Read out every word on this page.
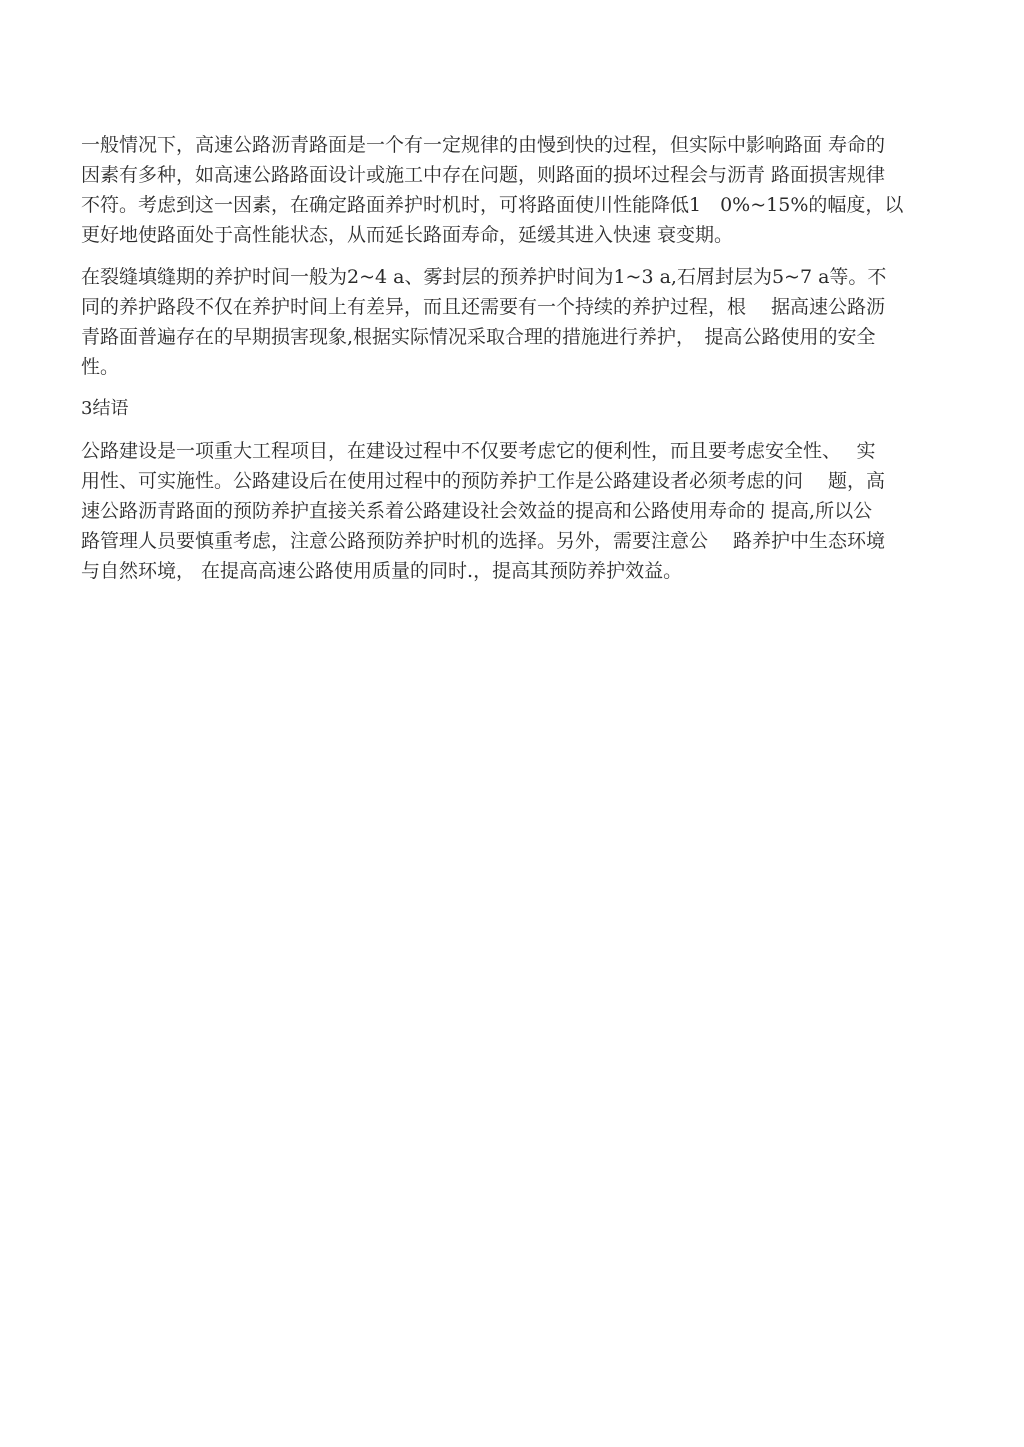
一般情况下，高速公路沥青路面是一个有一定规律的由慢到快的过程，但实际中影响路面 寿命的
因素有多种，如高速公路路面设计或施工中存在问题，则路面的损坏过程会与沥青 路面损害规律
不符。考虑到这一因素，在确定路面养护时机时，可将路面使川性能降低1　0%~15%的幅度，以
更好地使路面处于高性能状态，从而延长路面寿命，延缓其进入快速 衰变期。
在裂缝填缝期的养护时间一般为2~4 a、雾封层的预养护时间为1~3 a,石屑封层为5~7 a等。不
同的养护路段不仅在养护时间上有差异，而且还需要有一个持续的养护过程，根　 据高速公路沥
青路面普遍存在的早期损害现象,根据实际情况采取合理的措施进行养护，　提高公路使用的安全
性。
3结语
公路建设是一项重大工程项目，在建设过程中不仅要考虑它的便利性，而且要考虑安全性、　 实
用性、可实施性。公路建设后在使用过程中的预防养护工作是公路建设者必须考虑的问　 题，高
速公路沥青路面的预防养护直接关系着公路建设社会效益的提高和公路使用寿命的 提高,所以公
路管理人员要慎重考虑，注意公路预防养护时机的选择。另外，需要注意公　 路养护中生态环境
与自然环境， 在提高高速公路使用质量的同时.，提高其预防养护效益。
